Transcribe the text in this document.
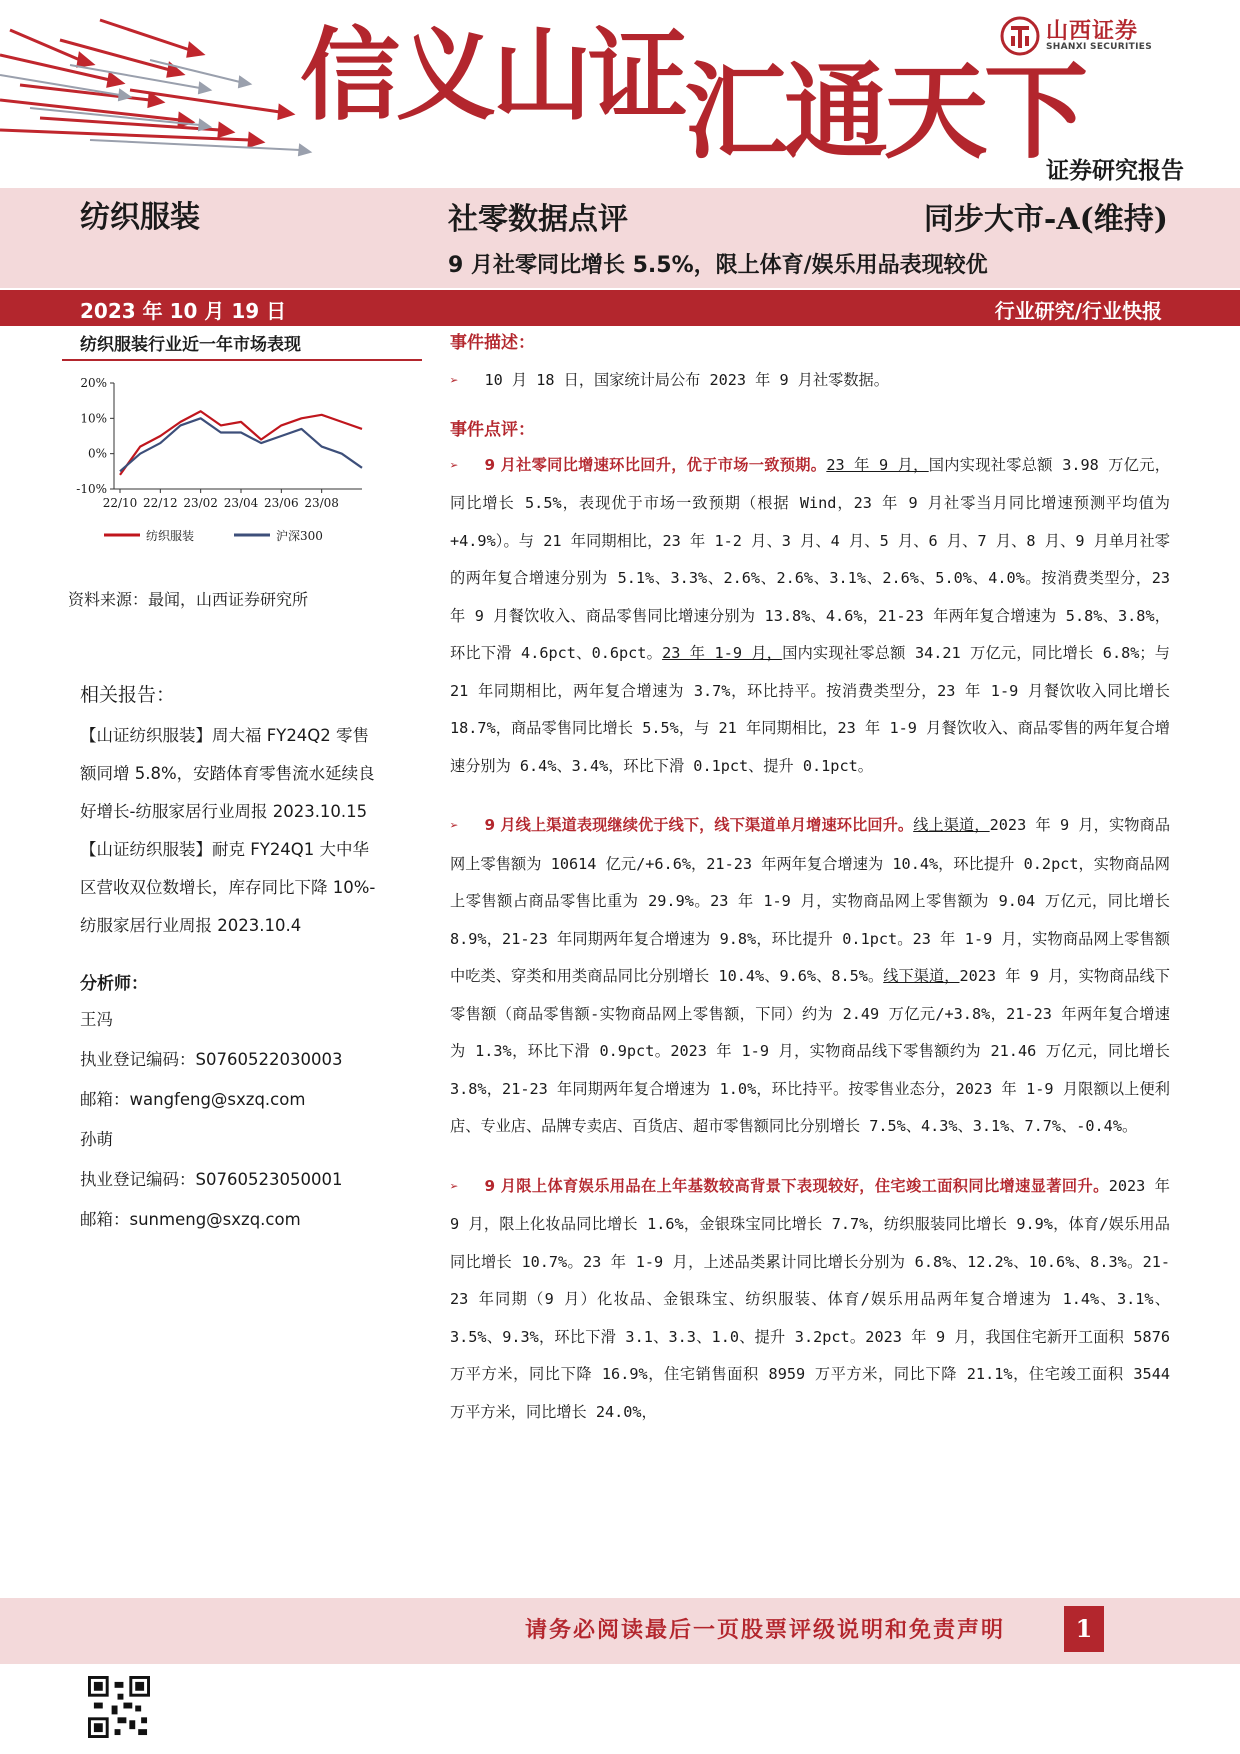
信义山证汇通天下
山西证券
SHANXI SECURITIES
证券研究报告
纺织服装	社零数据点评	同步大市-A(维持)
9 月社零同比增长 5.5%，限上体育/娱乐用品表现较优
2023 年 10 月 19 日	行业研究/行业快报
纺织服装行业近一年市场表现
20%
10%
0%
-10%
22/10 22/12 23/02 23/04 23/06 23/08
纺织服装	沪深300
资料来源：最闻，山西证券研究所
相关报告：
【山证纺织服装】周大福 FY24Q2 零售
额同增 5.8%，安踏体育零售流水延续良
好增长-纺服家居行业周报 2023.10.15
【山证纺织服装】耐克 FY24Q1 大中华
区营收双位数增长，库存同比下降 10%-
纺服家居行业周报 2023.10.4
分析师：
王冯
执业登记编码：S0760522030003
邮箱：wangfeng@sxzq.com
孙萌
执业登记编码：S0760523050001
邮箱：sunmeng@sxzq.com
事件描述：
➢ 10 月 18 日，国家统计局公布 2023 年 9 月社零数据。
事件点评：
➢ 9 月社零同比增速环比回升，优于市场一致预期。23 年 9 月，国内实现社零总额 3.98 万亿元，同比增长 5.5%，表现优于市场一致预期（根据 Wind，23 年 9 月社零当月同比增速预测平均值为+4.9%）。与 21 年同期相比，23 年 1-2 月、3 月、4 月、5 月、6 月、7 月、8 月、9 月单月社零的两年复合增速分别为 5.1%、3.3%、2.6%、2.6%、3.1%、2.6%、5.0%、4.0%。按消费类型分，23 年 9 月餐饮收入、商品零售同比增速分别为 13.8%、4.6%，21-23 年两年复合增速为 5.8%、3.8%，环比下滑 4.6pct、0.6pct。23 年 1-9 月，国内实现社零总额 34.21 万亿元，同比增长 6.8%；与 21 年同期相比，两年复合增速为 3.7%，环比持平。按消费类型分，23 年 1-9 月餐饮收入同比增长 18.7%，商品零售同比增长 5.5%，与 21 年同期相比，23 年 1-9 月餐饮收入、商品零售的两年复合增速分别为 6.4%、3.4%，环比下滑 0.1pct、提升 0.1pct。
➢ 9 月线上渠道表现继续优于线下，线下渠道单月增速环比回升。线上渠道，2023 年 9 月，实物商品网上零售额为 10614 亿元/+6.6%，21-23 年两年复合增速为 10.4%，环比提升 0.2pct，实物商品网上零售额占商品零售比重为 29.9%。23 年 1-9 月，实物商品网上零售额为 9.04 万亿元，同比增长 8.9%，21-23 年同期两年复合增速为 9.8%，环比提升 0.1pct。23 年 1-9 月，实物商品网上零售额中吃类、穿类和用类商品同比分别增长 10.4%、9.6%、8.5%。线下渠道，2023 年 9 月，实物商品线下零售额（商品零售额-实物商品网上零售额，下同）约为 2.49 万亿元/+3.8%，21-23 年两年复合增速为 1.3%，环比下滑 0.9pct。2023 年 1-9 月，实物商品线下零售额约为 21.46 万亿元，同比增长 3.8%，21-23 年同期两年复合增速为 1.0%，环比持平。按零售业态分，2023 年 1-9 月限额以上便利店、专业店、品牌专卖店、百货店、超市零售额同比分别增长 7.5%、4.3%、3.1%、7.7%、-0.4%。
➢ 9 月限上体育娱乐用品在上年基数较高背景下表现较好，住宅竣工面积同比增速显著回升。2023 年 9 月，限上化妆品同比增长 1.6%，金银珠宝同比增长 7.7%，纺织服装同比增长 9.9%，体育/娱乐用品同比增长 10.7%。23 年 1-9 月，上述品类累计同比增长分别为 6.8%、12.2%、10.6%、8.3%。21-23 年同期（9 月）化妆品、金银珠宝、纺织服装、体育/娱乐用品两年复合增速为 1.4%、3.1%、3.5%、9.3%，环比下滑 3.1、3.3、1.0、提升 3.2pct。2023 年 9 月，我国住宅新开工面积 5876 万平方米，同比下降 16.9%，住宅销售面积 8959 万平方米，同比下降 21.1%，住宅竣工面积 3544 万平方米，同比增长 24.0%，
请务必阅读最后一页股票评级说明和免责声明	1
